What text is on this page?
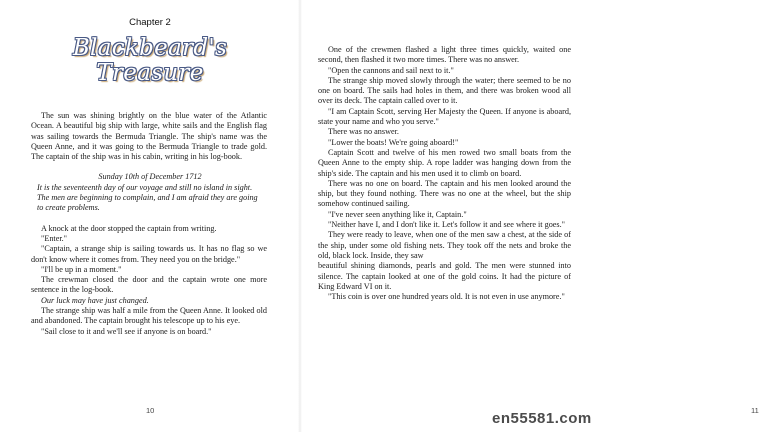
Chapter 2
Blackbeard's
Treasure

The sun was shining brightly on the blue water of the Atlantic Ocean. A beautiful big ship with large, white sails and the English flag was sailing towards the Bermuda Triangle. The ship's name was the Queen Anne, and it was going to the Bermuda Triangle to trade gold. The captain of the ship was in his cabin, writing in his log-book.

Sunday 10th of December 1712

It is the seventeenth day of our voyage and still no island in sight. The men are beginning to complain, and I am afraid they are going to create problems.

A knock at the door stopped the captain from writing.

"Enter."

"Captain, a strange ship is sailing towards us. It has no flag so we don't know where it comes from. They need you on the bridge."

"I'll be up in a moment."

The crewman closed the door and the captain wrote one more sentence in the log-book.

Our luck may have just changed.

The strange ship was half a mile from the Queen Anne. It looked old and abandoned. The captain brought his telescope up to his eye.

"Sail close to it and we'll see if anyone is on board."

10	11

One of the crewmen flashed a light three times quickly, waited one second, then flashed it two more times. There was no answer.

"Open the cannons and sail next to it."

The strange ship moved slowly through the water; there seemed to be no one on board. The sails had holes in them, and there was broken wood all over its deck. The captain called over to it.

"I am Captain Scott, serving Her Majesty the Queen. If anyone is aboard, state your name and who you serve."

There was no answer.

"Lower the boats! We're going aboard!"

Captain Scott and twelve of his men rowed two small boats from the Queen Anne to the empty ship. A rope ladder was hanging down from the ship's side. The captain and his men used it to climb on board.

There was no one on board. The captain and his men looked around the ship, but they found nothing. There was no one at the wheel, but the ship somehow continued sailing.

"I've never seen anything like it, Captain."

"Neither have I, and I don't like it. Let's follow it and see where it goes."

They were ready to leave, when one of the men saw a chest, at the side of the ship, under some old fishing nets. They took off the nets and broke the old, black lock. Inside, they saw

beautiful shining diamonds, pearls and gold. The men were stunned into silence. The captain looked at one of the gold coins. It had the picture of King Edward VI on it.

"This coin is over one hundred years old. It is not even in use anymore."

en55581.com
